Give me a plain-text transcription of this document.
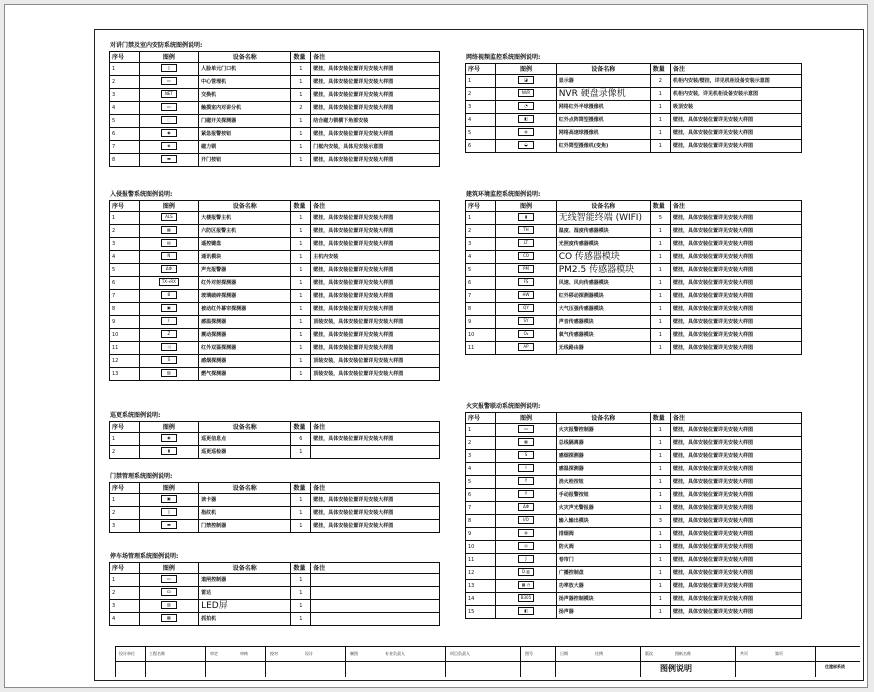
对讲门禁及室内安防系统图例说明:
序号	图例	设备名称	数量	备注
1	▯	人脸单元门口机	1	壁挂，具体安装位置详见安装大样图
2	▭	中心管理机	1	壁挂，具体安装位置详见安装大样图
3	NET	交换机	1	壁挂，具体安装位置详见安装大样图
4	▭	触摸室内对讲分机	2	壁挂，具体安装位置详见安装大样图
5	◌	门磁开关探测器	1	结合磁力锁横下角部安装
6	◉	紧急报警按钮	1	壁挂，具体安装位置详见安装大样图
7	◈	磁力锁	1	门框内安装，具体见安装示意图
8	▬	开门按钮	1	壁挂，具体安装位置详见安装大样图
入侵报警系统图例说明:
序号	图例	设备名称	数量	备注
1	ALS	大楼报警主机	1	壁挂，具体安装位置详见安装大样图
2	▦	六防区报警主机	1	壁挂，具体安装位置详见安装大样图
3	▤	遥控键盘	1	壁挂，具体安装位置详见安装大样图
4	N	通讯模块	1	主机内安装
5	ΔΦ	声光报警器	1	壁挂，具体安装位置详见安装大样图
6	TX→RX	红外对射探测器	1	壁挂，具体安装位置详见安装大样图
7	B	玻璃破碎探测器	1	壁挂，具体安装位置详见安装大样图
8	▣	被动红外幕帘探测器	1	壁挂，具体安装位置详见安装大样图
9	I	感温探测器	1	顶装安装，具体安装位置详见安装大样图
10	Z	震动探测器	1	壁挂，具体安装位置详见安装大样图
11	◁	红外双鉴探测器	1	壁挂，具体安装位置详见安装大样图
12	S	感烟探测器	1	顶装安装，具体安装位置详见安装大样图
13	▨	燃气探测器	1	顶装安装，具体安装位置详见安装大样图
巡更系统图例说明:
序号	图例	设备名称	数量	备注
1	◉	巡更信息点	6	壁挂，具体安装位置详见安装大样图
2	▮	巡更巡检器	1	
门禁管理系统图例说明:
序号	图例	设备名称	数量	备注
1	▣	读卡器	1	壁挂，具体安装位置详见安装大样图
2	▯	指纹机	1	壁挂，具体安装位置详见安装大样图
3	▬	门禁控制器	1	壁挂，具体安装位置详见安装大样图
停车场管理系统图例说明:
序号	图例	设备名称	数量	备注
1	▭	道闸控制器	1	
2	☊	雷达	1	
3	▥	LED屏	1	
4	▩	抓拍机	1	
网络视频监控系统图例说明:
序号	图例	设备名称	数量	备注
1	◪	显示器	2	机柜内安装/壁挂，详见机柜设备安装示意图
2	NVR	NVR 硬盘录像机	1	机柜内安装，详见机柜设备安装示意图
3	◔	网络红外半球摄像机	1	吸顶安装
4	◧	红外点阵筒型摄像机	1	壁挂，具体安装位置详见安装大样图
5	◍	网络高速球摄像机	1	壁挂，具体安装位置详见安装大样图
6	◒	红外筒型摄像机(变焦)	1	壁挂，具体安装位置详见安装大样图
建筑环境监控系统图例说明:
序号	图例	设备名称	数量	备注
1	▮	无线智能终端 (WIFI)	5	壁挂，具体安装位置详见安装大样图
2	TH	温度、湿度传感器模块	1	壁挂，具体安装位置详见安装大样图
3	LT	光照度传感器模块	1	壁挂，具体安装位置详见安装大样图
4	CO	CO 传感器模块	1	壁挂，具体安装位置详见安装大样图
5	PM	PM2.5 传感器模块	1	壁挂，具体安装位置详见安装大样图
6	FS	风速、风向传感器模块	1	壁挂，具体安装位置详见安装大样图
7	HW	红外移动探测器模块	1	壁挂，具体安装位置详见安装大样图
8	QY	大气压强传感器模块	1	壁挂，具体安装位置详见安装大样图
9	SY	声音传感器模块	1	壁挂，具体安装位置详见安装大样图
10	O₂	氧气传感器模块	1	壁挂，具体安装位置详见安装大样图
11	AP	无线路由器	1	壁挂，具体安装位置详见安装大样图
火灾报警联动系统图例说明:
序号	图例	设备名称	数量	备注
1	▭	火灾报警控制器	1	壁挂，具体安装位置详见安装大样图
2	▦	总线隔离器	1	壁挂，具体安装位置详见安装大样图
3	S	感烟探测器	1	壁挂，具体安装位置详见安装大样图
4	I	感温探测器	1	壁挂，具体安装位置详见安装大样图
5	Y	消火栓按钮	1	壁挂，具体安装位置详见安装大样图
6	Y	手动报警按钮	1	壁挂，具体安装位置详见安装大样图
7	ΔΦ	火灾声光警报器	1	壁挂，具体安装位置详见安装大样图
8	I/O	输入输出模块	3	壁挂，具体安装位置详见安装大样图
9	◍	排烟阀	1	壁挂，具体安装位置详见安装大样图
10	◎	防火阀	1	壁挂，具体安装位置详见安装大样图
11	J	卷帘门	1	壁挂，具体安装位置详见安装大样图
12	D ▥	广播控制盘	1	壁挂，具体安装位置详见安装大样图
13	▩ ◷	功率放大器	1	壁挂，具体安装位置详见安装大样图
14	B305	扬声器控制模块	1	壁挂，具体安装位置详见安装大样图
15	◧	扬声器	1	壁挂，具体安装位置详见安装大样图
设计单位	工程名称	审定	审核	校对	设计	制图	专业负责人	项目负责人	图号	日期	比例	版次	图纸名称	共页	第页
图例说明	住建部系统
